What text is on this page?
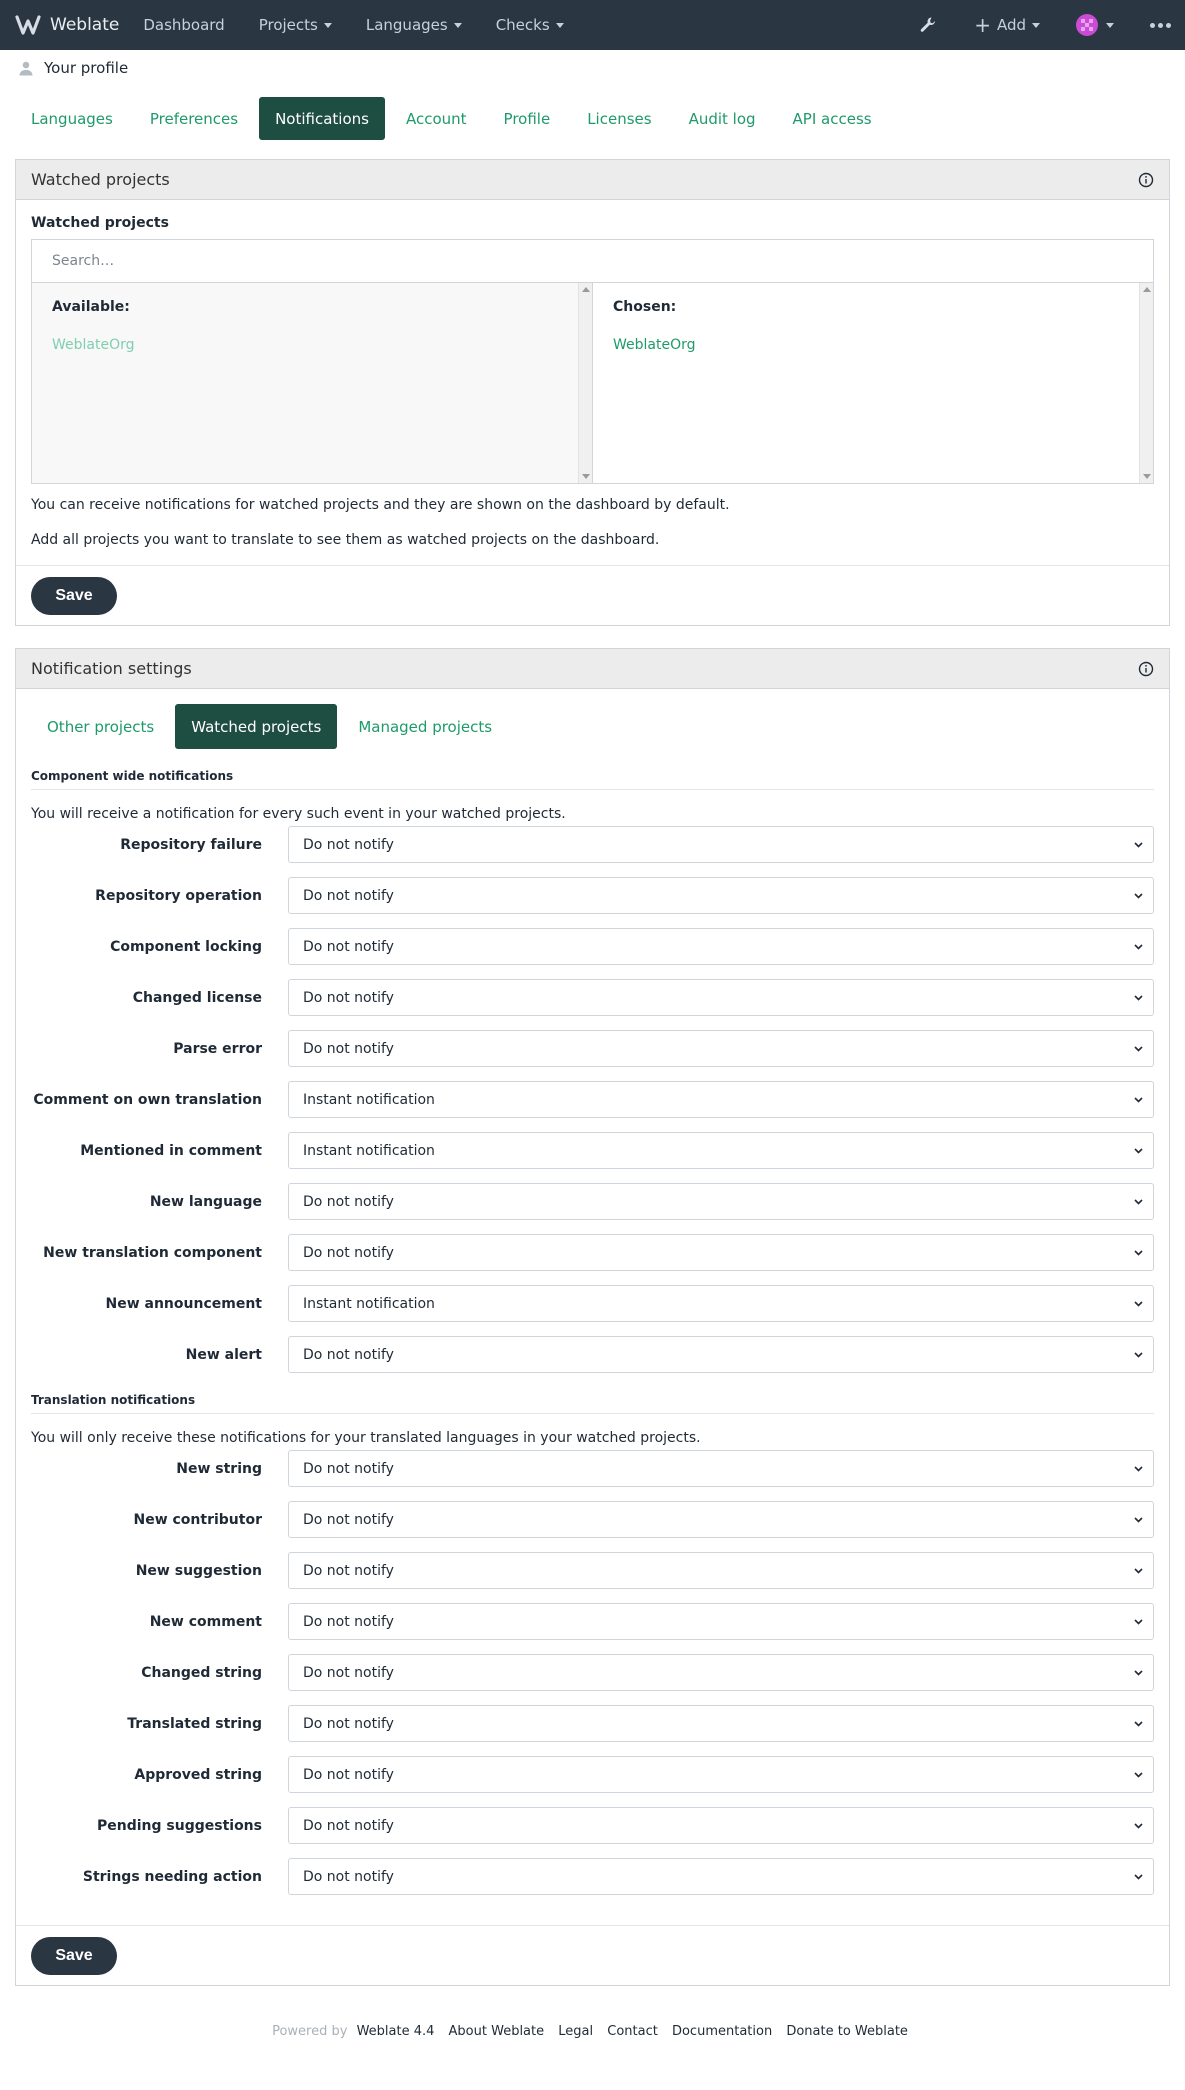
Weblate Dashboard Projects	Languages	Checks	+ Add
Your profile
Languages	Preferences	Notifications	Account	Profile	Licenses	Audit log	API access
Watched projects
Watched projects
Search…
Available:
WeblateOrg
Chosen:
WeblateOrg
You can receive notifications for watched projects and they are shown on the dashboard by default.
Add all projects you want to translate to see them as watched projects on the dashboard.
Save
Notification settings
Other projects	Watched projects	Managed projects
Component wide notifications
You will receive a notification for every such event in your watched projects.
Repository failure	Do not notify
Repository operation	Do not notify
Component locking	Do not notify
Changed license	Do not notify
Parse error	Do not notify
Comment on own translation	Instant notification
Mentioned in comment	Instant notification
New language	Do not notify
New translation component	Do not notify
New announcement	Instant notification
New alert	Do not notify
Translation notifications
You will only receive these notifications for your translated languages in your watched projects.
New string	Do not notify
New contributor	Do not notify
New suggestion	Do not notify
New comment	Do not notify
Changed string	Do not notify
Translated string	Do not notify
Approved string	Do not notify
Pending suggestions	Do not notify
Strings needing action	Do not notify
Save
Powered by Weblate 4.4 About Weblate Legal Contact Documentation Donate to Weblate
